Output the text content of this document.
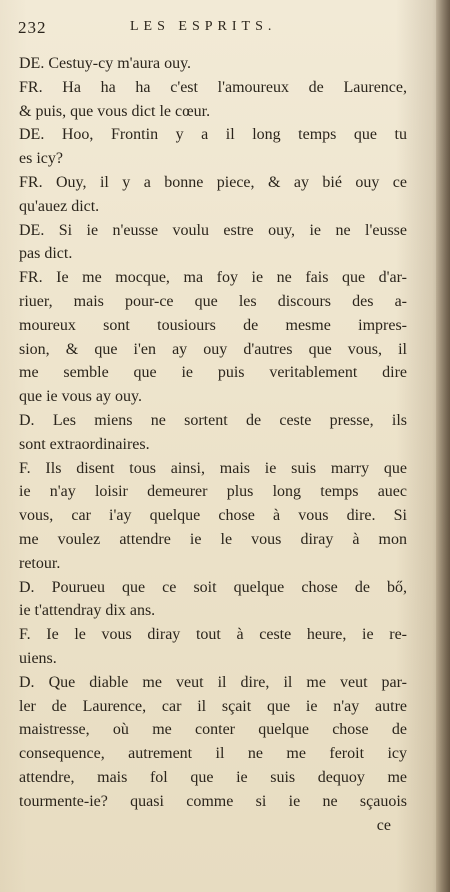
232	LES ESPRITS.
DE. Cestuy-cy m'aura ouy.
FR. Ha ha ha c'est l'amoureux de Laurence,
& puis, que vous dict le cœur.
DE. Hoo, Frontin y a il long temps que tu
es icy?
FR. Ouy, il y a bonne piece, & ay bié ouy ce
qu'auez dict.
DE. Si ie n'eusse voulu estre ouy, ie ne l'eusse
pas dict.
FR. Ie me mocque, ma foy ie ne fais que d'ar-
riuer, mais pour-ce que les discours des a-
moureux sont tousiours de mesme impres-
sion, & que i'en ay ouy d'autres que vous, il
me semble que ie puis veritablement dire
que ie vous ay ouy.
D. Les miens ne sortent de ceste presse, ils
sont extraordinaires.
F. Ils disent tous ainsi, mais ie suis marry que
ie n'ay loisir demeurer plus long temps auec
vous, car i'ay quelque chose à vous dire. Si
me voulez attendre ie le vous diray à mon
retour.
D. Pourueu que ce soit quelque chose de bő,
ie t'attendray dix ans.
F. Ie le vous diray tout à ceste heure, ie re-
uiens.
D. Que diable me veut il dire, il me veut par-
ler de Laurence, car il sçait que ie n'ay autre
maistresse, où me conter quelque chose de
consequence, autrement il ne me feroit icy
attendre, mais fol que ie suis dequoy me
tourmente-ie? quasi comme si ie ne sçauois
ce
